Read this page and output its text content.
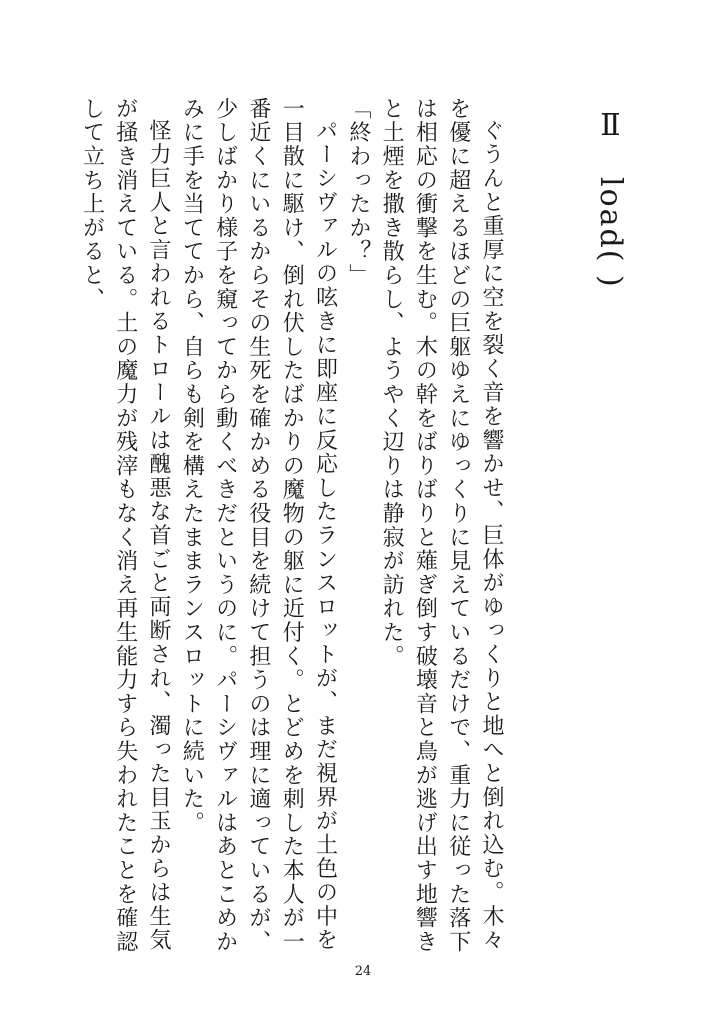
Ⅱ　load( )

ぐうんと重厚に空を裂く音を響かせ、巨体がゆっくりと地へと倒れ込む。木々を優に超えるほどの巨躯ゆえにゆっくりに見えているだけで、重力に従った落下は相応の衝撃を生む。木の幹をばりばりと薙ぎ倒す破壊音と鳥が逃げ出す地響きと土煙を撒き散らし、ようやく辺りは静寂が訪れた。

「終わったか？」

パーシヴァルの呟きに即座に反応したランスロットが、まだ視界が土色の中を一目散に駆け、倒れ伏したばかりの魔物の躯に近付く。とどめを刺した本人が一番近くにいるからその生死を確かめる役目を続けて担うのは理に適っているが、少しばかり様子を窺ってから動くべきだというのに。パーシヴァルはあとこめかみに手を当ててから、自らも剣を構えたままランスロットに続いた。

怪力巨人と言われるトロールは醜悪な首ごと両断され、濁った目玉からは生気が掻き消えている。土の魔力が残滓もなく消え再生能力すら失われたことを確認して立ち上がると、

24
